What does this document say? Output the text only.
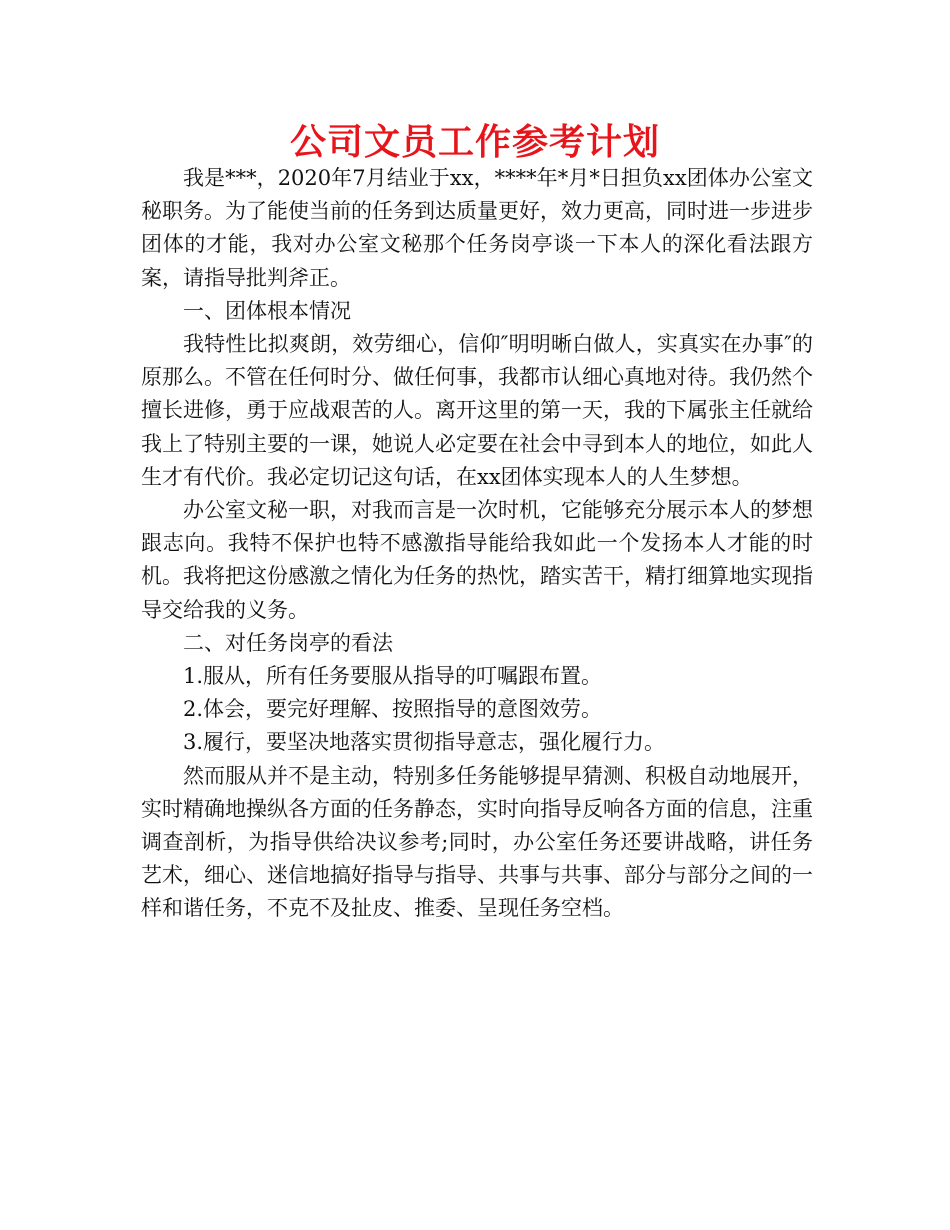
公司文员工作参考计划

我是***，2020年7月结业于xx，****年*月*日担负xx团体办公室文秘职务。为了能使当前的任务到达质量更好，效力更高，同时进一步进步团体的才能，我对办公室文秘那个任务岗亭谈一下本人的深化看法跟方案，请指导批判斧正。

一、团体根本情况

我特性比拟爽朗，效劳细心，信仰″明明晰白做人，实真实在办事″的原那么。不管在任何时分、做任何事，我都市认细心真地对待。我仍然个擅长进修，勇于应战艰苦的人。离开这里的第一天，我的下属张主任就给我上了特别主要的一课，她说人必定要在社会中寻到本人的地位，如此人生才有代价。我必定切记这句话，在xx团体实现本人的人生梦想。

办公室文秘一职，对我而言是一次时机，它能够充分展示本人的梦想跟志向。我特不保护也特不感激指导能给我如此一个发扬本人才能的时机。我将把这份感激之情化为任务的热忱，踏实苦干，精打细算地实现指导交给我的义务。

二、对任务岗亭的看法

1.服从，所有任务要服从指导的叮嘱跟布置。

2.体会，要完好理解、按照指导的意图效劳。

3.履行，要坚决地落实贯彻指导意志，强化履行力。

然而服从并不是主动，特别多任务能够提早猜测、积极自动地展开，实时精确地操纵各方面的任务静态，实时向指导反响各方面的信息，注重调查剖析，为指导供给决议参考;同时，办公室任务还要讲战略，讲任务艺术，细心、迷信地搞好指导与指导、共事与共事、部分与部分之间的一样和谐任务，不克不及扯皮、推委、呈现任务空档。
